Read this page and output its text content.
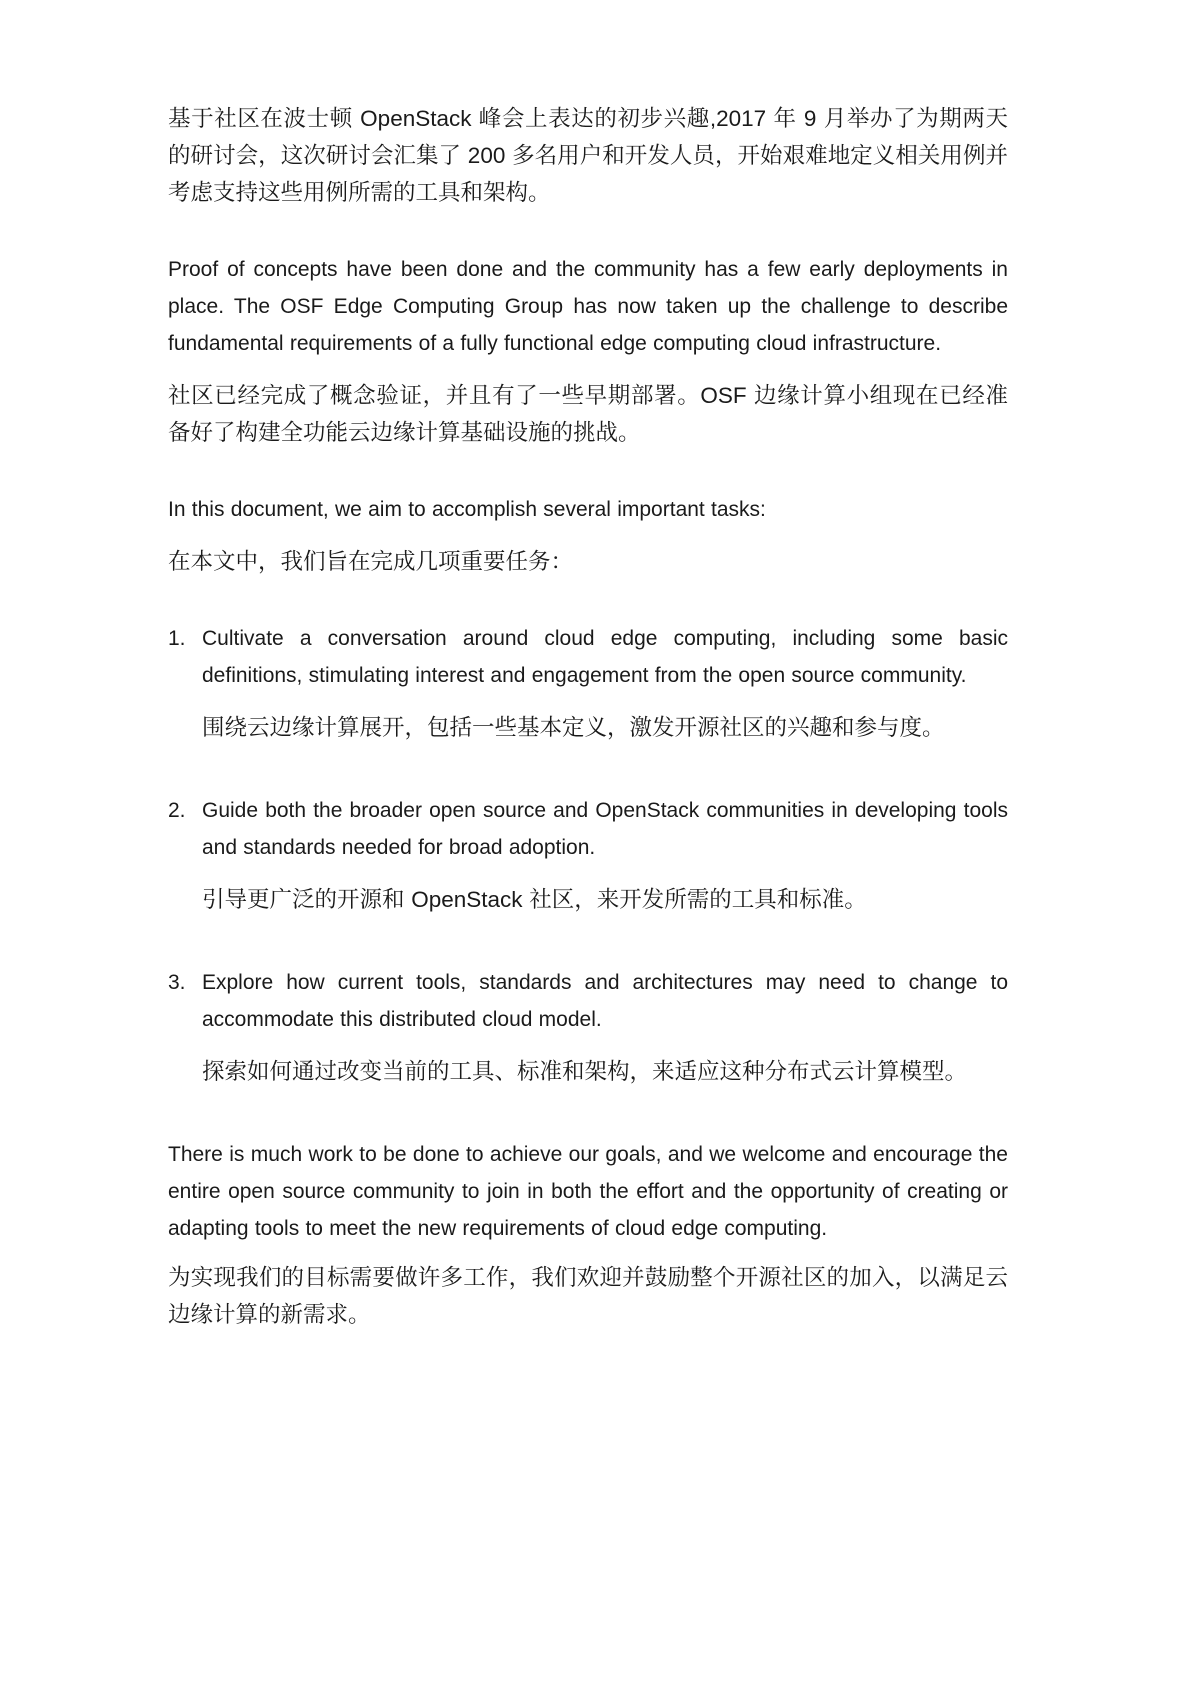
基于社区在波士顿 OpenStack 峰会上表达的初步兴趣,2017 年 9 月举办了为期两天的研讨会，这次研讨会汇集了 200 多名用户和开发人员，开始艰难地定义相关用例并考虑支持这些用例所需的工具和架构。

Proof of concepts have been done and the community has a few early deployments in place. The OSF Edge Computing Group has now taken up the challenge to describe fundamental requirements of a fully functional edge computing cloud infrastructure.

社区已经完成了概念验证，并且有了一些早期部署。OSF 边缘计算小组现在已经准备好了构建全功能云边缘计算基础设施的挑战。

In this document, we aim to accomplish several important tasks:

在本文中，我们旨在完成几项重要任务：

1. Cultivate a conversation around cloud edge computing, including some basic definitions, stimulating interest and engagement from the open source community.

围绕云边缘计算展开，包括一些基本定义，激发开源社区的兴趣和参与度。

2. Guide both the broader open source and OpenStack communities in developing tools and standards needed for broad adoption.

引导更广泛的开源和 OpenStack 社区，来开发所需的工具和标准。

3. Explore how current tools, standards and architectures may need to change to accommodate this distributed cloud model.

探索如何通过改变当前的工具、标准和架构，来适应这种分布式云计算模型。

There is much work to be done to achieve our goals, and we welcome and encourage the entire open source community to join in both the effort and the opportunity of creating or adapting tools to meet the new requirements of cloud edge computing.

为实现我们的目标需要做许多工作，我们欢迎并鼓励整个开源社区的加入，以满足云边缘计算的新需求。
